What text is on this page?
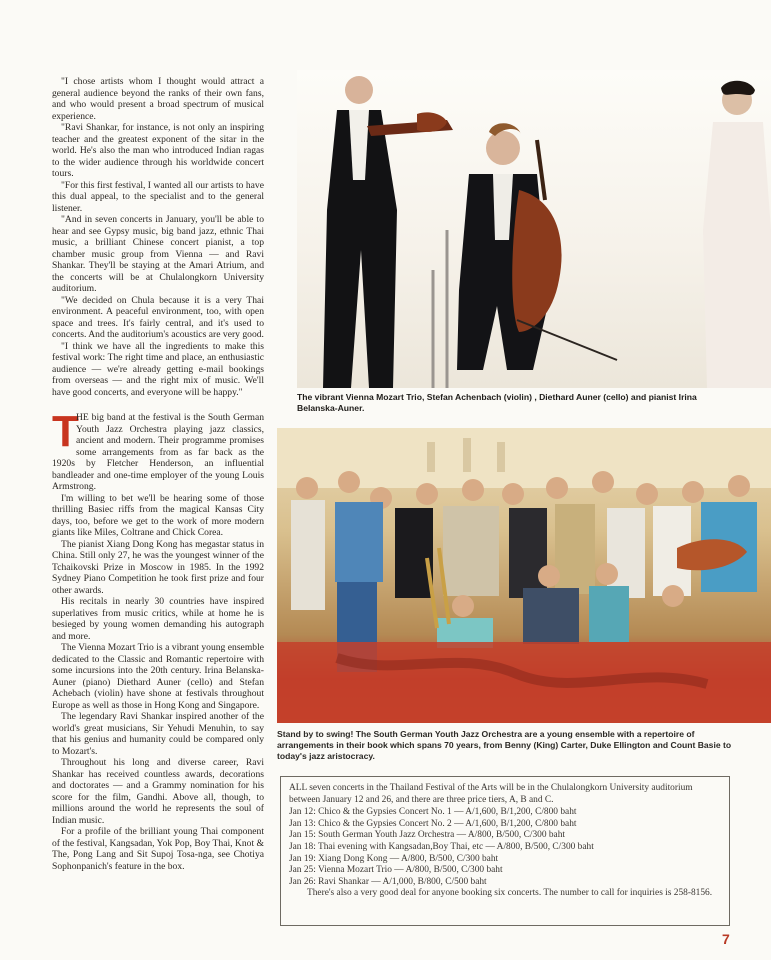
"I chose artists whom I thought would attract a general audience beyond the ranks of their own fans, and who would present a broad spectrum of musical experience.

"Ravi Shankar, for instance, is not only an inspiring teacher and the greatest exponent of the sitar in the world. He's also the man who introduced Indian ragas to the wider audience through his worldwide concert tours.

"For this first festival, I wanted all our artists to have this dual appeal, to the specialist and to the general listener.

"And in seven concerts in January, you'll be able to hear and see Gypsy music, big band jazz, ethnic Thai music, a brilliant Chinese concert pianist, a top chamber music group from Vienna — and Ravi Shankar. They'll be staying at the Amari Atrium, and the concerts will be at Chulalongkorn University auditorium.

"We decided on Chula because it is a very Thai environment. A peaceful environment, too, with open space and trees. It's fairly central, and it's used to concerts. And the auditorium's acoustics are very good.

"I think we have all the ingredients to make this festival work: The right time and place, an enthusiastic audience — we're already getting e-mail bookings from overseas — and the right mix of music. We'll have good concerts, and everyone will be happy."

T

HE big band at the festival is the South German Youth Jazz Orchestra playing jazz classics, ancient and modern. Their programme promises some arrangements from as far back as the 1920s by Fletcher Henderson, an influential bandleader and one-time employer of the young Louis Armstrong.

I'm willing to bet we'll be hearing some of those thrilling Basiec riffs from the magical Kansas City days, too, before we get to the work of more modern giants like Miles, Coltrane and Chick Corea.

The pianist Xiang Dong Kong has megastar status in China. Still only 27, he was the youngest winner of the Tchaikovski Prize in Moscow in 1985. In the 1992 Sydney Piano Competition he took first prize and four other awards.

His recitals in nearly 30 countries have inspired superlatives from music critics, while at home he is besieged by young women demanding his autograph and more.

The Vienna Mozart Trio is a vibrant young ensemble dedicated to the Classic and Romantic repertoire with some incursions into the 20th century. Irina Belanska-Auner (piano) Diethard Auner (cello) and Stefan Achebach (violin) have shone at festivals throughout Europe as well as those in Hong Kong and Singapore.

The legendary Ravi Shankar inspired another of the world's great musicians, Sir Yehudi Menuhin, to say that his genius and humanity could be compared only to Mozart's.

Throughout his long and diverse career, Ravi Shankar has received countless awards, decorations and doctorates — and a Grammy nomination for his score for the film, Gandhi. Above all, though, to millions around the world he represents the soul of Indian music.

For a profile of the brilliant young Thai component of the festival, Kangsadan, Yok Pop, Boy Thai, Knot & The, Pong Lang and Sit Supoj Tosa-nga, see Chotiya Sophonpanich's feature in the box.

The vibrant Vienna Mozart Trio, Stefan Achenbach (violin) , Diethard Auner (cello) and pianist Irina Belanska-Auner.
Stand by to swing! The South German Youth Jazz Orchestra are a young ensemble with a repertoire of arrangements in their book which spans 70 years, from Benny (King) Carter, Duke Ellington and Count Basie to today's jazz aristocracy.

ALL seven concerts in the Thailand Festival of the Arts will be in the Chulalongkorn University auditorium between January 12 and 26, and there are three price tiers, A, B and C.

Jan 12: Chico & the Gypsies Concert No. 1 — A/1,600, B/1,200, C/800 baht

Jan 13: Chico & the Gypsies Concert No. 2 — A/1,600, B/1,200, C/800 baht

Jan 15: South German Youth Jazz Orchestra — A/800, B/500, C/300 baht

Jan 18: Thai evening with Kangsadan,Boy Thai, etc — A/800, B/500, C/300 baht

Jan 19: Xiang Dong Kong — A/800, B/500, C/300 baht

Jan 25: Vienna Mozart Trio — A/800, B/500, C/300 baht

Jan 26: Ravi Shankar — A/1,000, B/800, C/500 baht

There's also a very good deal for anyone booking six concerts. The number to call for inquiries is 258-8156.

7
